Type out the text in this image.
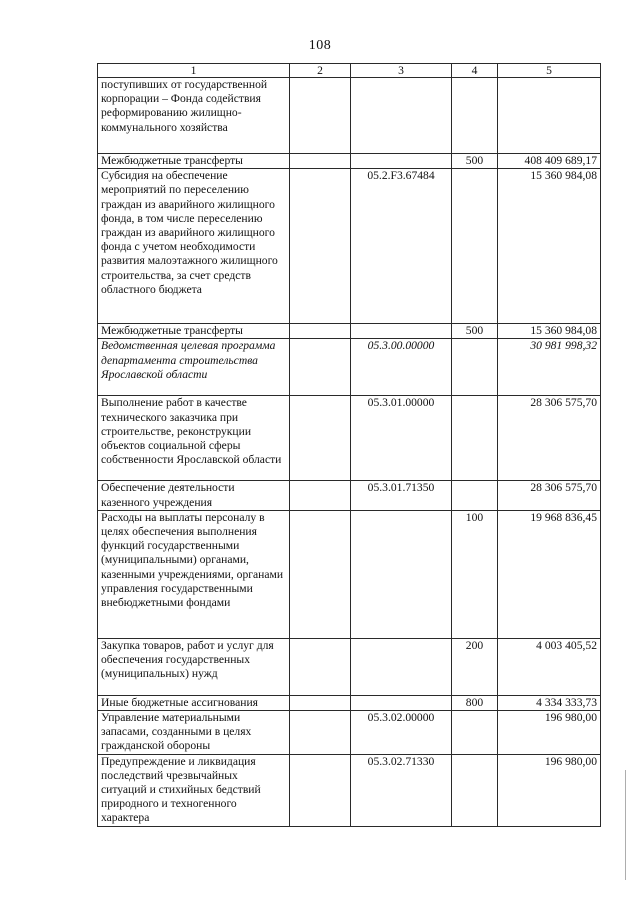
108
1	2	3	4	5
поступивших от государственной корпорации – Фонда содействия реформированию жилищно-коммунального хозяйства				
Межбюджетные трансферты			500	408 409 689,17
Субсидия на обеспечение мероприятий по переселению граждан из аварийного жилищного фонда, в том числе переселению граждан из аварийного жилищного фонда с учетом необходимости развития малоэтажного жилищного строительства, за счет средств областного бюджета		05.2.F3.67484		15 360 984,08
Межбюджетные трансферты			500	15 360 984,08
Ведомственная целевая программа департамента строительства Ярославской области		05.3.00.00000		30 981 998,32
Выполнение работ в качестве технического заказчика при строительстве, реконструкции объектов социальной сферы собственности Ярославской области		05.3.01.00000		28 306 575,70
Обеспечение деятельности казенного учреждения		05.3.01.71350		28 306 575,70
Расходы на выплаты персоналу в целях обеспечения выполнения функций государственными (муниципальными) органами, казенными учреждениями, органами управления государственными внебюджетными фондами			100	19 968 836,45
Закупка товаров, работ и услуг для обеспечения государственных (муниципальных) нужд			200	4 003 405,52
Иные бюджетные ассигнования			800	4 334 333,73
Управление материальными запасами, созданными в целях гражданской обороны		05.3.02.00000		196 980,00
Предупреждение и ликвидация последствий чрезвычайных ситуаций и стихийных бедствий природного и техногенного характера		05.3.02.71330		196 980,00
